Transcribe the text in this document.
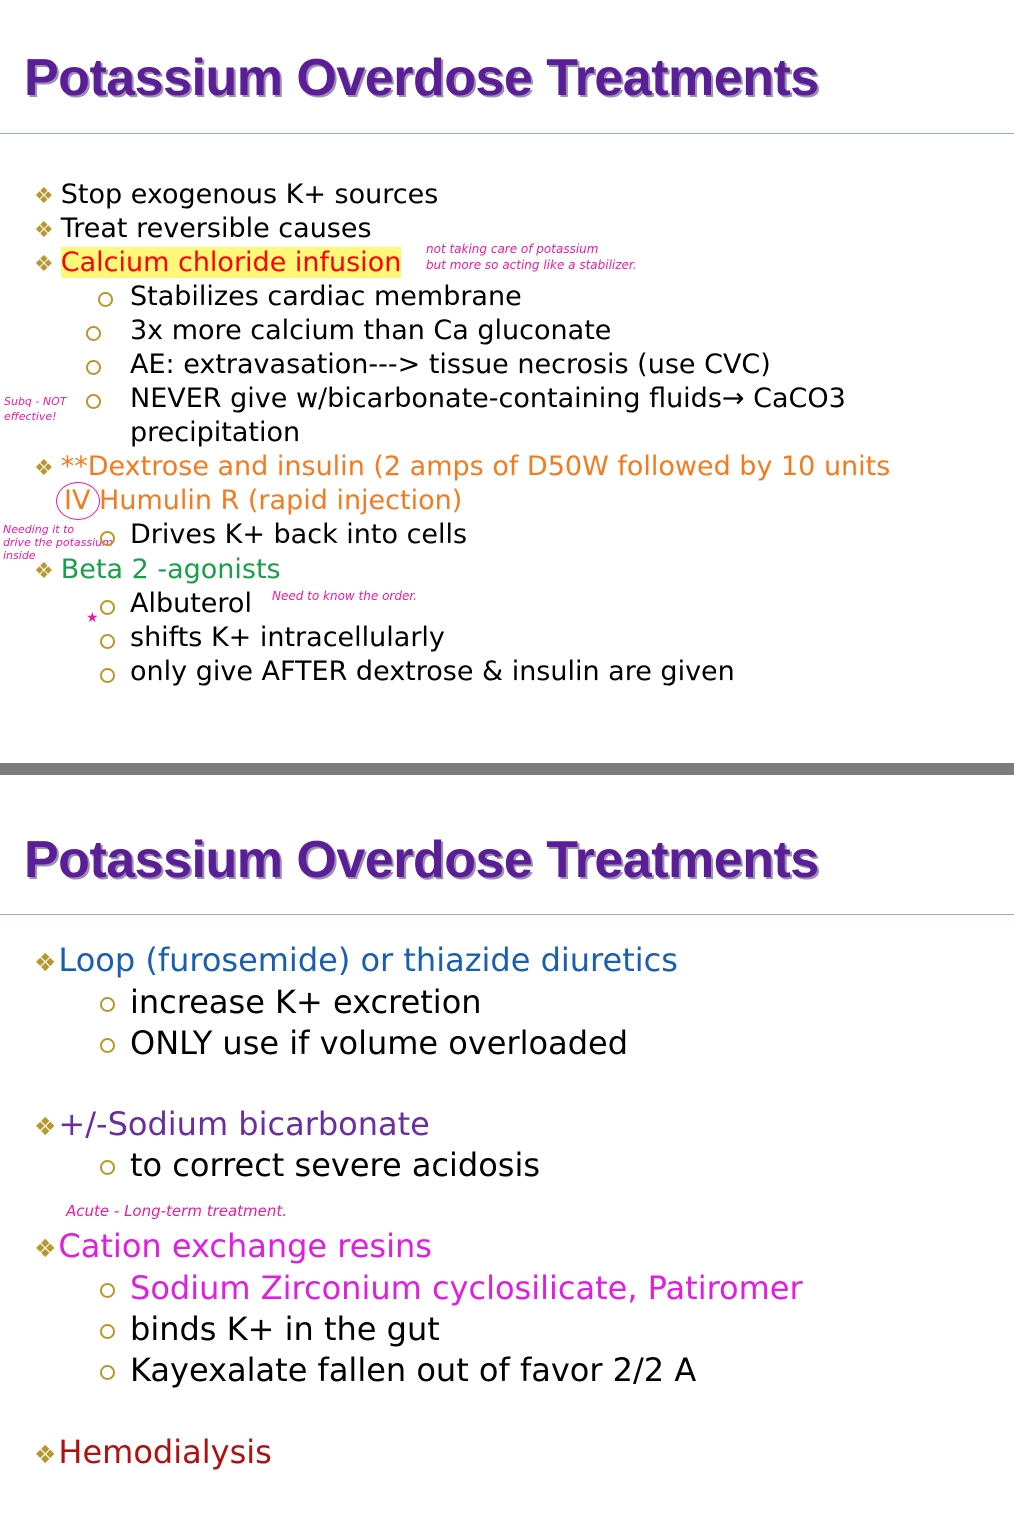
Potassium Overdose Treatments
❖ Stop exogenous K+ sources
❖ Treat reversible causes
❖ Calcium chloride infusion not taking care of potassium
but more so acting like a stabilizer.
Stabilizes cardiac membrane
3x more calcium than Ca gluconate
AE: extravasation---> tissue necrosis (use CVC)
NEVER give w/bicarbonate-containing fluids→ CaCO3
precipitation
Subq - NOT
effective!
❖ **Dextrose and insulin (2 amps of D50W followed by 10 units
IV Humulin R (rapid injection)
Needing it to
drive the potassium
inside
Drives K+ back into cells
❖ Beta 2 -agonists
Albuterol Need to know the order.
★
shifts K+ intracellularly
only give AFTER dextrose & insulin are given
Potassium Overdose Treatments
❖Loop (furosemide) or thiazide diuretics
increase K+ excretion
ONLY use if volume overloaded
❖+/-Sodium bicarbonate
to correct severe acidosis
Acute - Long-term treatment.
❖Cation exchange resins
Sodium Zirconium cyclosilicate, Patiromer
binds K+ in the gut
Kayexalate fallen out of favor 2/2 A
❖Hemodialysis
